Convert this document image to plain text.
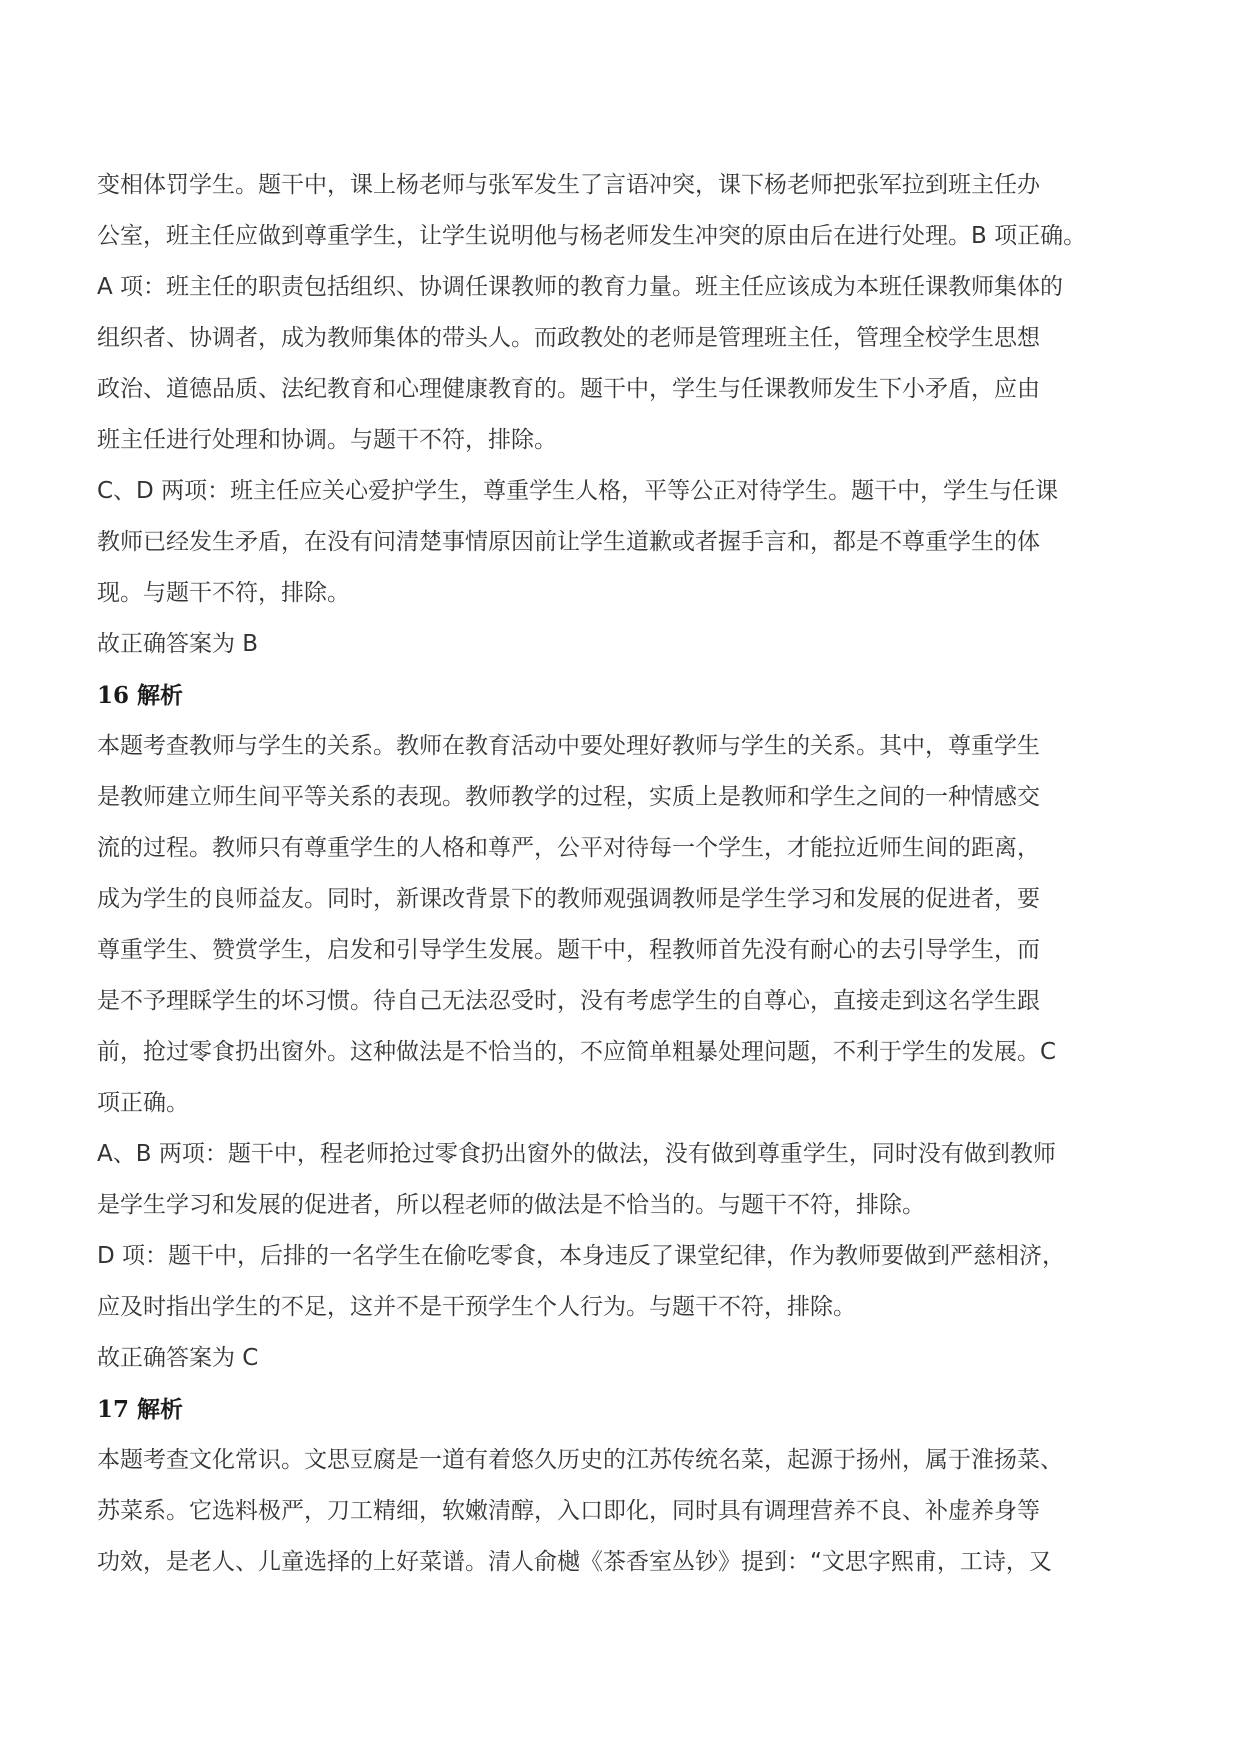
变相体罚学生。题干中，课上杨老师与张军发生了言语冲突，课下杨老师把张军拉到班主任办
公室，班主任应做到尊重学生，让学生说明他与杨老师发生冲突的原由后在进行处理。B 项正确。
A 项：班主任的职责包括组织、协调任课教师的教育力量。班主任应该成为本班任课教师集体的
组织者、协调者，成为教师集体的带头人。而政教处的老师是管理班主任，管理全校学生思想
政治、道德品质、法纪教育和心理健康教育的。题干中，学生与任课教师发生下小矛盾，应由
班主任进行处理和协调。与题干不符，排除。
C、D 两项：班主任应关心爱护学生，尊重学生人格，平等公正对待学生。题干中，学生与任课
教师已经发生矛盾，在没有问清楚事情原因前让学生道歉或者握手言和，都是不尊重学生的体
现。与题干不符，排除。
故正确答案为 B
16 解析
本题考查教师与学生的关系。教师在教育活动中要处理好教师与学生的关系。其中，尊重学生
是教师建立师生间平等关系的表现。教师教学的过程，实质上是教师和学生之间的一种情感交
流的过程。教师只有尊重学生的人格和尊严，公平对待每一个学生，才能拉近师生间的距离，
成为学生的良师益友。同时，新课改背景下的教师观强调教师是学生学习和发展的促进者，要
尊重学生、赞赏学生，启发和引导学生发展。题干中，程教师首先没有耐心的去引导学生，而
是不予理睬学生的坏习惯。待自己无法忍受时，没有考虑学生的自尊心，直接走到这名学生跟
前，抢过零食扔出窗外。这种做法是不恰当的，不应简单粗暴处理问题，不利于学生的发展。C
项正确。
A、B 两项：题干中，程老师抢过零食扔出窗外的做法，没有做到尊重学生，同时没有做到教师
是学生学习和发展的促进者，所以程老师的做法是不恰当的。与题干不符，排除。
D 项：题干中，后排的一名学生在偷吃零食，本身违反了课堂纪律，作为教师要做到严慈相济，
应及时指出学生的不足，这并不是干预学生个人行为。与题干不符，排除。
故正确答案为 C
17 解析
本题考查文化常识。文思豆腐是一道有着悠久历史的江苏传统名菜，起源于扬州，属于淮扬菜、
苏菜系。它选料极严，刀工精细，软嫩清醇，入口即化，同时具有调理营养不良、补虚养身等
功效，是老人、儿童选择的上好菜谱。清人俞樾《茶香室丛钞》提到：“文思字熙甫，工诗，又
